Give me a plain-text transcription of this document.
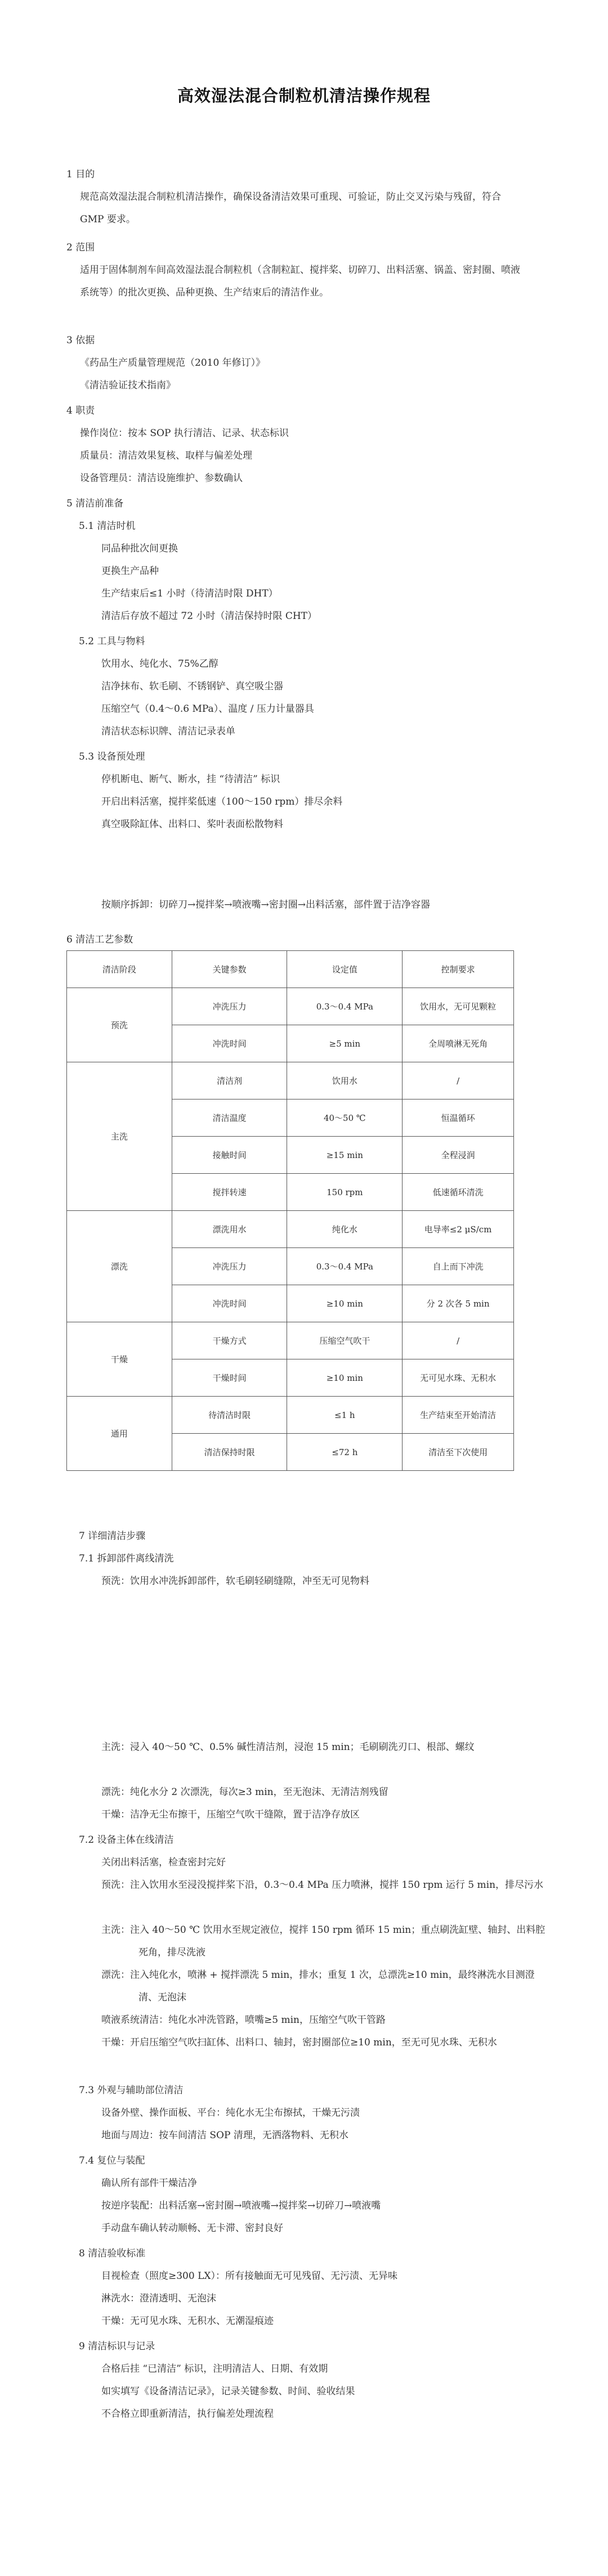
高效湿法混合制粒机清洁操作规程
1 目的
规范高效湿法混合制粒机清洁操作，确保设备清洁效果可重现、可验证，防止交叉污染与残留，符合 GMP 要求。
2 范围
适用于固体制剂车间高效湿法混合制粒机（含制粒缸、搅拌桨、切碎刀、出料活塞、锅盖、密封圈、喷液系统等）的批次更换、品种更换、生产结束后的清洁作业。
3 依据
《药品生产质量管理规范（2010 年修订）》
《清洁验证技术指南》
4 职责
操作岗位：按本 SOP 执行清洁、记录、状态标识
质量员：清洁效果复核、取样与偏差处理
设备管理员：清洁设施维护、参数确认
5 清洁前准备
5.1 清洁时机
同品种批次间更换
更换生产品种
生产结束后≤1 小时（待清洁时限 DHT）
清洁后存放不超过 72 小时（清洁保持时限 CHT）
5.2 工具与物料
饮用水、纯化水、75%乙醇
洁净抹布、软毛刷、不锈钢铲、真空吸尘器
压缩空气（0.4～0.6 MPa）、温度 / 压力计量器具
清洁状态标识牌、清洁记录表单
5.3 设备预处理
停机断电、断气、断水，挂 “待清洁” 标识
开启出料活塞，搅拌桨低速（100～150 rpm）排尽余料
真空吸除缸体、出料口、桨叶表面松散物料
按顺序拆卸：切碎刀→搅拌桨→喷液嘴→密封圈→出料活塞，部件置于洁净容器
6 清洁工艺参数
清洁阶段	关键参数	设定值	控制要求
预洗	冲洗压力	0.3～0.4 MPa	饮用水，无可见颗粒
	冲洗时间	≥5 min	全周喷淋无死角
主洗	清洁剂	饮用水	/
	清洁温度	40～50 ℃	恒温循环
	接触时间	≥15 min	全程浸润
	搅拌转速	150 rpm	低速循环清洗
漂洗	漂洗用水	纯化水	电导率≤2 μS/cm
	冲洗压力	0.3～0.4 MPa	自上而下冲洗
	冲洗时间	≥10 min	分 2 次各 5 min
干燥	干燥方式	压缩空气吹干	/
	干燥时间	≥10 min	无可见水珠、无积水
通用	待清洁时限	≤1 h	生产结束至开始清洁
	清洁保持时限	≤72 h	清洁至下次使用
7 详细清洁步骤
7.1 拆卸部件离线清洗
预洗：饮用水冲洗拆卸部件，软毛刷轻刷缝隙，冲至无可见物料
主洗：浸入 40～50 ℃、0.5% 碱性清洁剂，浸泡 15 min；毛刷刷洗刃口、根部、螺纹
漂洗：纯化水分 2 次漂洗，每次≥3 min，至无泡沫、无清洁剂残留
干燥：洁净无尘布擦干，压缩空气吹干缝隙，置于洁净存放区
7.2 设备主体在线清洁
关闭出料活塞，检查密封完好
预洗：注入饮用水至浸没搅拌桨下沿，0.3～0.4 MPa 压力喷淋，搅拌 150 rpm 运行 5 min，排尽污水
主洗：注入 40～50 ℃ 饮用水至规定液位，搅拌 150 rpm 循环 15 min；重点刷洗缸壁、轴封、出料腔死角，排尽洗液
漂洗：注入纯化水，喷淋 + 搅拌漂洗 5 min，排水；重复 1 次，总漂洗≥10 min，最终淋洗水目测澄清、无泡沫
喷液系统清洁：纯化水冲洗管路，喷嘴≥5 min，压缩空气吹干管路
干燥：开启压缩空气吹扫缸体、出料口、轴封，密封圈部位≥10 min，至无可见水珠、无积水
7.3 外观与辅助部位清洁
设备外壁、操作面板、平台：纯化水无尘布擦拭，干燥无污渍
地面与周边：按车间清洁 SOP 清理，无洒落物料、无积水
7.4 复位与装配
确认所有部件干燥洁净
按逆序装配：出料活塞→密封圈→喷液嘴→搅拌桨→切碎刀→喷液嘴
手动盘车确认转动顺畅、无卡滞、密封良好
8 清洁验收标准
目视检查（照度≥300 LX）：所有接触面无可见残留、无污渍、无异味
淋洗水：澄清透明、无泡沫
干燥：无可见水珠、无积水、无潮湿痕迹
9 清洁标识与记录
合格后挂 “已清洁” 标识，注明清洁人、日期、有效期
如实填写《设备清洁记录》，记录关键参数、时间、验收结果
不合格立即重新清洁，执行偏差处理流程
